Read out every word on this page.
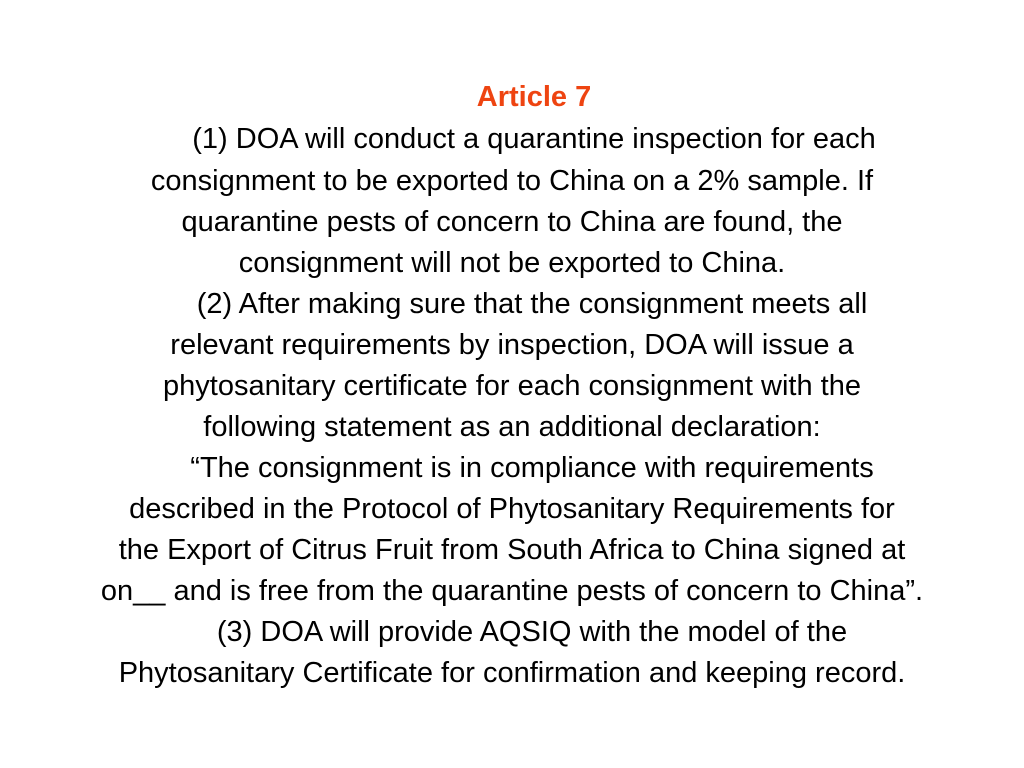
Article 7
(1) DOA will conduct a quarantine inspection for each
consignment to be exported to China on a 2% sample. If
quarantine pests of concern to China are found, the
consignment will not be exported to China.
(2) After making sure that the consignment meets all
relevant requirements by inspection, DOA will issue a
phytosanitary certificate for each consignment with the
following statement as an additional declaration:
“The consignment is in compliance with requirements
described in the Protocol of Phytosanitary Requirements for
the Export of Citrus Fruit from South Africa to China signed at
on__ and is free from the quarantine pests of concern to China”.
(3) DOA will provide AQSIQ with the model of the
Phytosanitary Certificate for confirmation and keeping record.
